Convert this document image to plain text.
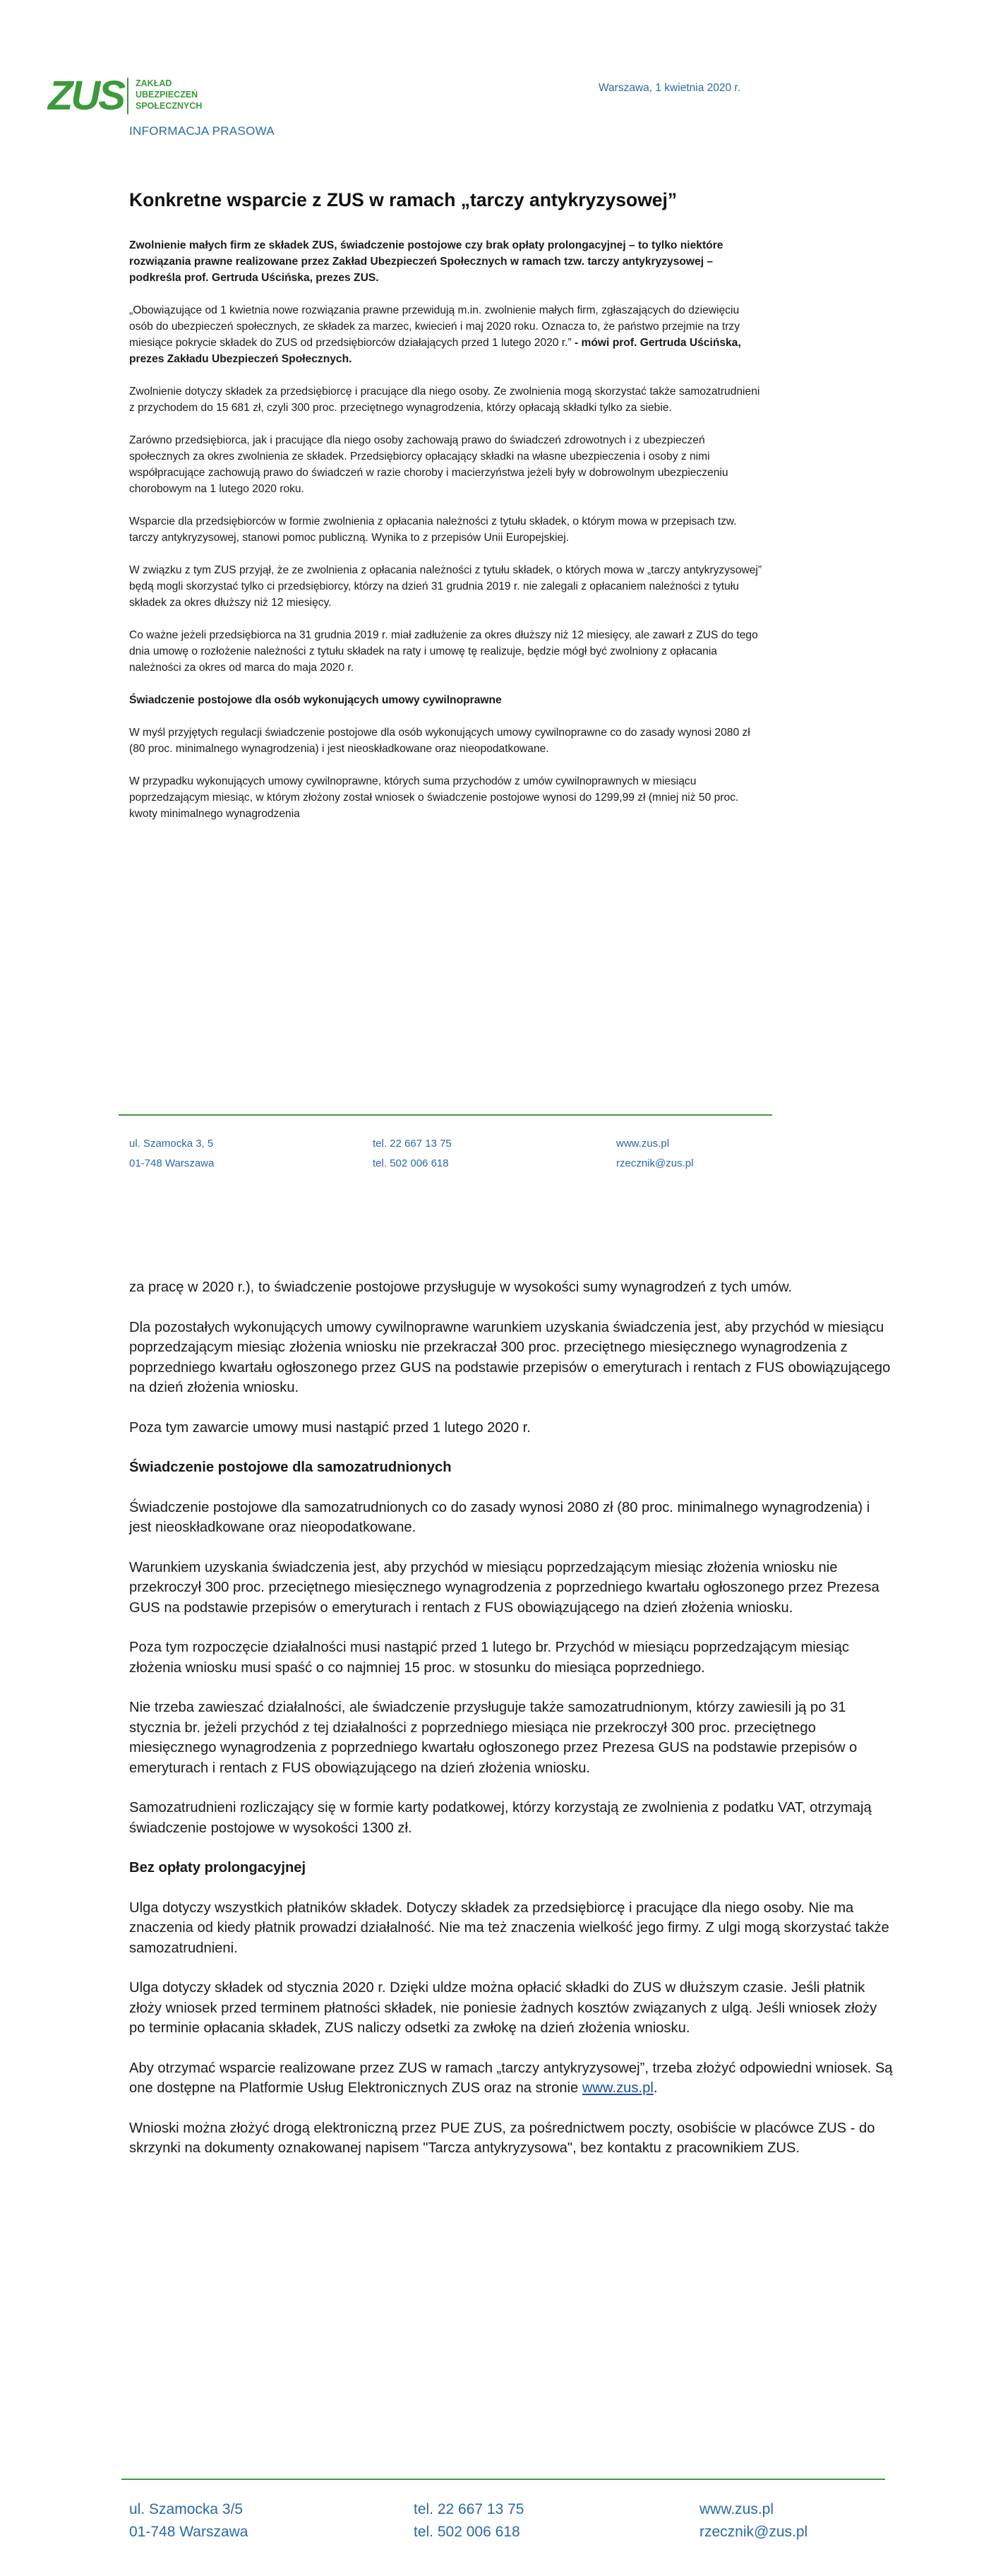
ZUS ZAKŁAD
UBEZPIECZEŃ
SPOŁECZNYCH
INFORMACJA PRASOWA
Warszawa, 1 kwietnia 2020 r.
Konkretne wsparcie z ZUS w ramach „tarczy antykryzysowej”

Zwolnienie małych firm ze składek ZUS, świadczenie postojowe czy brak opłaty prolongacyjnej – to tylko niektóre rozwiązania prawne realizowane przez Zakład Ubezpieczeń Społecznych w ramach tzw. tarczy antykryzysowej – podkreśla prof. Gertruda Uścińska, prezes ZUS.

„Obowiązujące od 1 kwietnia nowe rozwiązania prawne przewidują m.in. zwolnienie małych firm, zgłaszających do dziewięciu osób do ubezpieczeń społecznych, ze składek za marzec, kwiecień i maj 2020 roku. Oznacza to, że państwo przejmie na trzy miesiące pokrycie składek do ZUS od przedsiębiorców działających przed 1 lutego 2020 r.” - mówi prof. Gertruda Uścińska, prezes Zakładu Ubezpieczeń Społecznych.

Zwolnienie dotyczy składek za przedsiębiorcę i pracujące dla niego osoby. Ze zwolnienia mogą skorzystać także samozatrudnieni z przychodem do 15 681 zł, czyli 300 proc. przeciętnego wynagrodzenia, którzy opłacają składki tylko za siebie.

Zarówno przedsiębiorca, jak i pracujące dla niego osoby zachowają prawo do świadczeń zdrowotnych i z ubezpieczeń społecznych za okres zwolnienia ze składek. Przedsiębiorcy opłacający składki na własne ubezpieczenia i osoby z nimi współpracujące zachowują prawo do świadczeń w razie choroby i macierzyństwa jeżeli były w dobrowolnym ubezpieczeniu chorobowym na 1 lutego 2020 roku.

Wsparcie dla przedsiębiorców w formie zwolnienia z opłacania należności z tytułu składek, o którym mowa w przepisach tzw. tarczy antykryzysowej, stanowi pomoc publiczną. Wynika to z przepisów Unii Europejskiej.

W związku z tym ZUS przyjął, że ze zwolnienia z opłacania należności z tytułu składek, o których mowa w „tarczy antykryzysowej” będą mogli skorzystać tylko ci przedsiębiorcy, którzy na dzień 31 grudnia 2019 r. nie zalegali z opłacaniem należności z tytułu składek za okres dłuższy niż 12 miesięcy.

Co ważne jeżeli przedsiębiorca na 31 grudnia 2019 r. miał zadłużenie za okres dłuższy niż 12 miesięcy, ale zawarł z ZUS do tego dnia umowę o rozłożenie należności z tytułu składek na raty i umowę tę realizuje, będzie mógł być zwolniony z opłacania należności za okres od marca do maja 2020 r.

Świadczenie postojowe dla osób wykonujących umowy cywilnoprawne

W myśl przyjętych regulacji świadczenie postojowe dla osób wykonujących umowy cywilnoprawne co do zasady wynosi 2080 zł (80 proc. minimalnego wynagrodzenia) i jest nieoskładkowane oraz nieopodatkowane.

W przypadku wykonujących umowy cywilnoprawne, których suma przychodów z umów cywilnoprawnych w miesiącu poprzedzającym miesiąc, w którym złożony został wniosek o świadczenie postojowe wynosi do 1299,99 zł (mniej niż 50 proc. kwoty minimalnego wynagrodzenia

ul. Szamocka 3, 5
01-748 Warszawa
tel. 22 667 13 75
tel. 502 006 618
www.zus.pl
rzecznik@zus.pl

za pracę w 2020 r.), to świadczenie postojowe przysługuje w wysokości sumy wynagrodzeń z tych umów.

Dla pozostałych wykonujących umowy cywilnoprawne warunkiem uzyskania świadczenia jest, aby przychód w miesiącu poprzedzającym miesiąc złożenia wniosku nie przekraczał 300 proc. przeciętnego miesięcznego wynagrodzenia z poprzedniego kwartału ogłoszonego przez GUS na podstawie przepisów o emeryturach i rentach z FUS obowiązującego na dzień złożenia wniosku.

Poza tym zawarcie umowy musi nastąpić przed 1 lutego 2020 r.

Świadczenie postojowe dla samozatrudnionych

Świadczenie postojowe dla samozatrudnionych co do zasady wynosi 2080 zł (80 proc. minimalnego wynagrodzenia) i jest nieoskładkowane oraz nieopodatkowane.

Warunkiem uzyskania świadczenia jest, aby przychód w miesiącu poprzedzającym miesiąc złożenia wniosku nie przekroczył 300 proc. przeciętnego miesięcznego wynagrodzenia z poprzedniego kwartału ogłoszonego przez Prezesa GUS na podstawie przepisów o emeryturach i rentach z FUS obowiązującego na dzień złożenia wniosku.

Poza tym rozpoczęcie działalności musi nastąpić przed 1 lutego br. Przychód w miesiącu poprzedzającym miesiąc złożenia wniosku musi spaść o co najmniej 15 proc. w stosunku do miesiąca poprzedniego.

Nie trzeba zawieszać działalności, ale świadczenie przysługuje także samozatrudnionym, którzy zawiesili ją po 31 stycznia br. jeżeli przychód z tej działalności z poprzedniego miesiąca nie przekroczył 300 proc. przeciętnego miesięcznego wynagrodzenia z poprzedniego kwartału ogłoszonego przez Prezesa GUS na podstawie przepisów o emeryturach i rentach z FUS obowiązującego na dzień złożenia wniosku.

Samozatrudnieni rozliczający się w formie karty podatkowej, którzy korzystają ze zwolnienia z podatku VAT, otrzymają świadczenie postojowe w wysokości 1300 zł.

Bez opłaty prolongacyjnej

Ulga dotyczy wszystkich płatników składek. Dotyczy składek za przedsiębiorcę i pracujące dla niego osoby. Nie ma znaczenia od kiedy płatnik prowadzi działalność. Nie ma też znaczenia wielkość jego firmy. Z ulgi mogą skorzystać także samozatrudnieni.

Ulga dotyczy składek od stycznia 2020 r. Dzięki uldze można opłacić składki do ZUS w dłuższym czasie. Jeśli płatnik złoży wniosek przed terminem płatności składek, nie poniesie żadnych kosztów związanych z ulgą. Jeśli wniosek złoży po terminie opłacania składek, ZUS naliczy odsetki za zwłokę na dzień złożenia wniosku.

Aby otrzymać wsparcie realizowane przez ZUS w ramach „tarczy antykryzysowej”, trzeba złożyć odpowiedni wniosek. Są one dostępne na Platformie Usług Elektronicznych ZUS oraz na stronie www.zus.pl.

Wnioski można złożyć drogą elektroniczną przez PUE ZUS, za pośrednictwem poczty, osobiście w placówce ZUS - do skrzynki na dokumenty oznakowanej napisem "Tarcza antykryzysowa", bez kontaktu z pracownikiem ZUS.

ul. Szamocka 3/5
01-748 Warszawa
tel. 22 667 13 75
tel. 502 006 618
www.zus.pl
rzecznik@zus.pl
